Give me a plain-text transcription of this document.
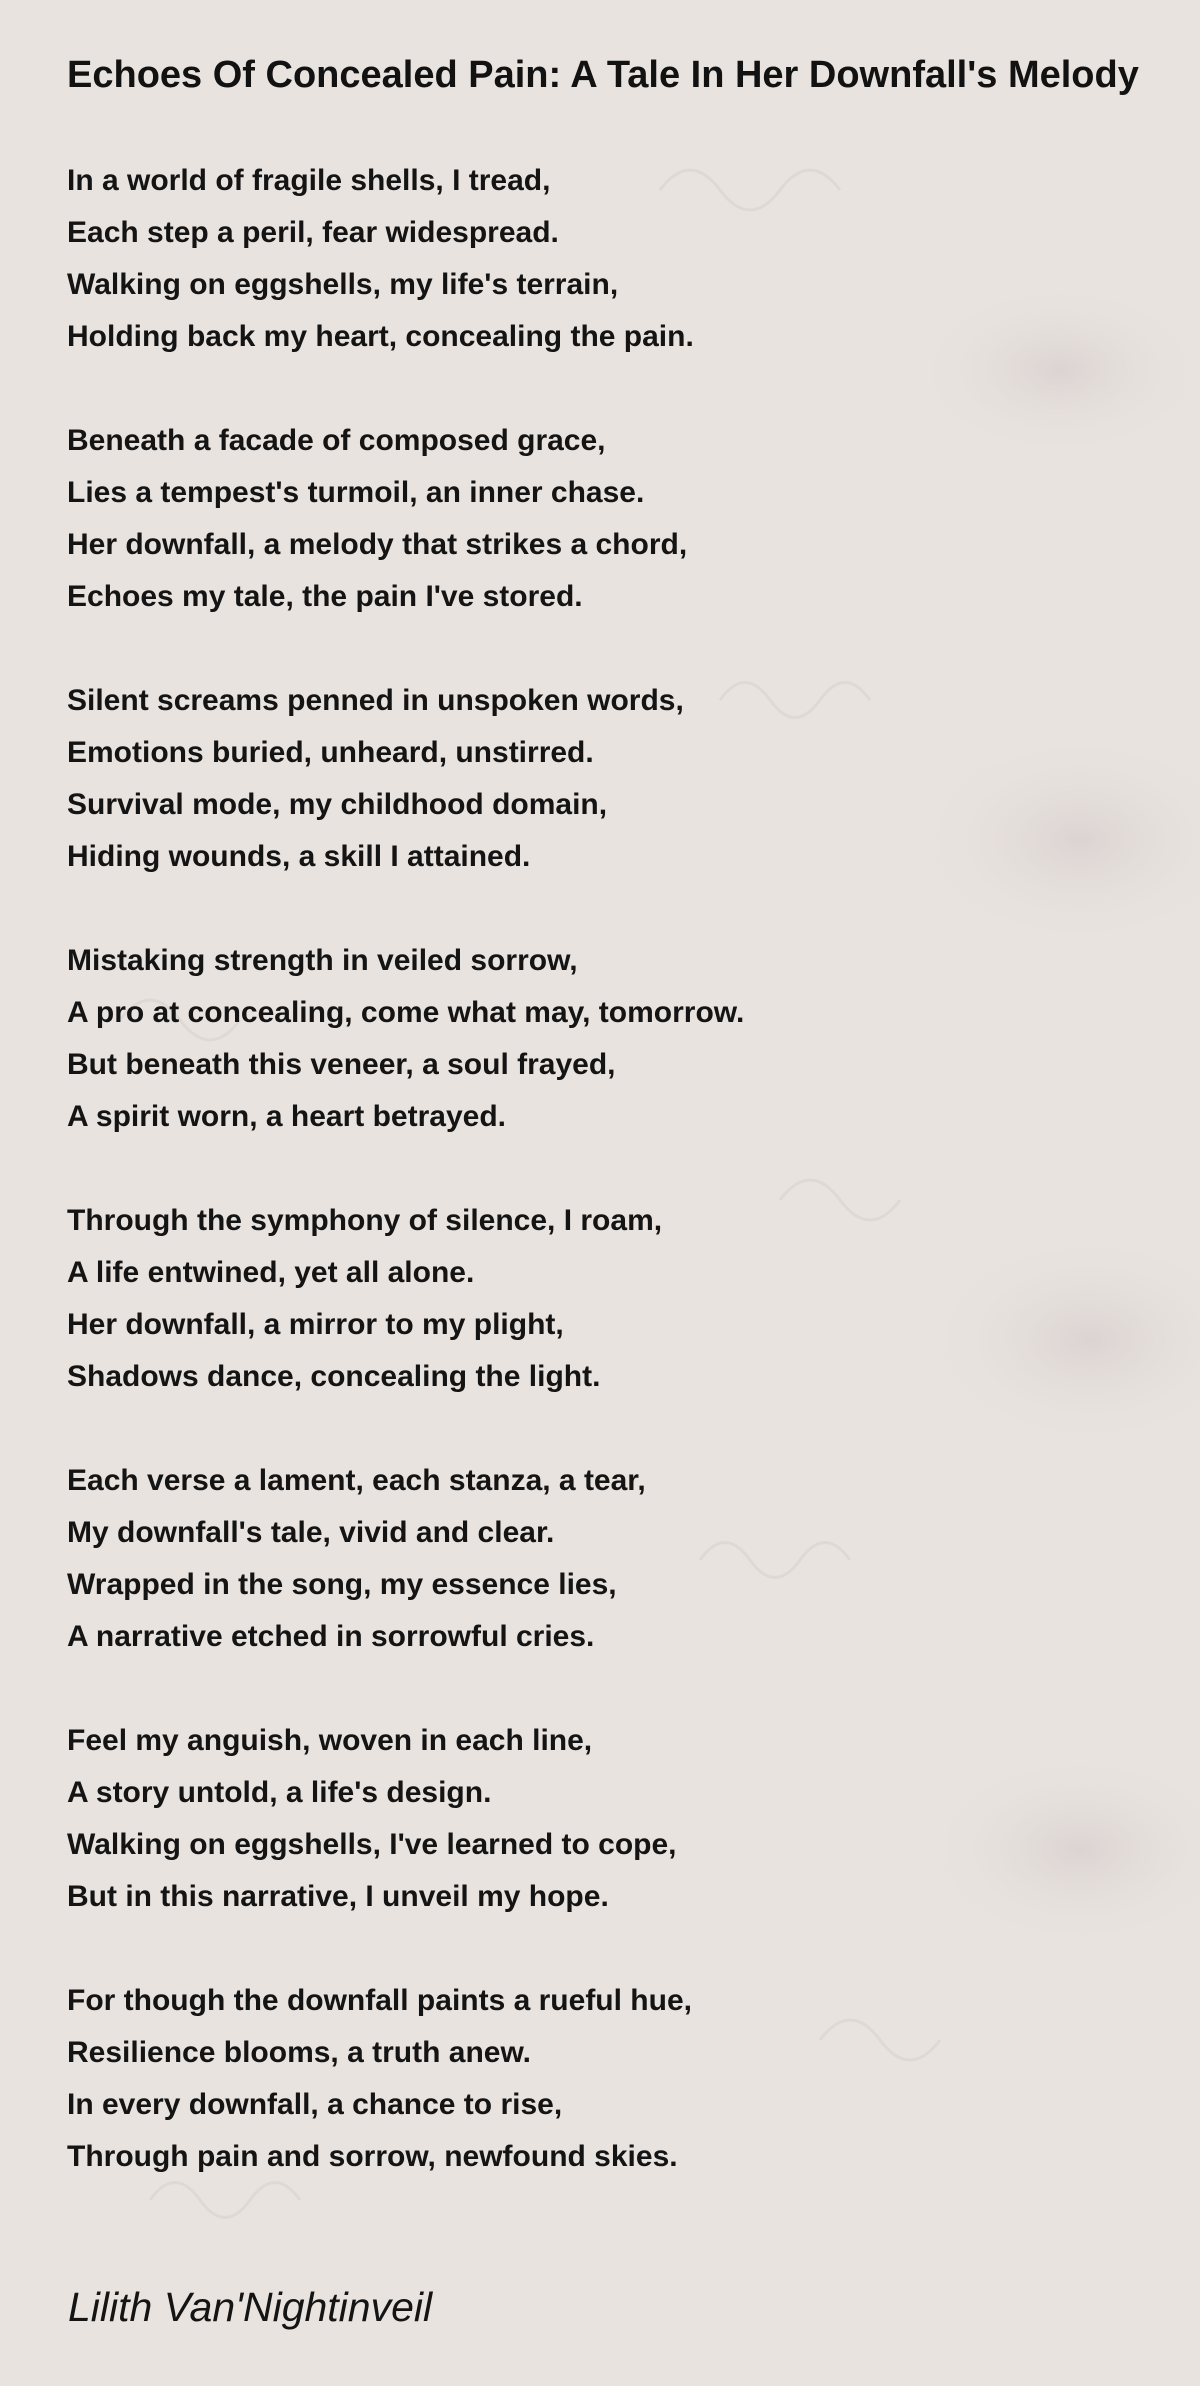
Echoes Of Concealed Pain: A Tale In Her Downfall's Melody
In a world of fragile shells, I tread,
Each step a peril, fear widespread.
Walking on eggshells, my life's terrain,
Holding back my heart, concealing the pain.
Beneath a facade of composed grace,
Lies a tempest's turmoil, an inner chase.
Her downfall, a melody that strikes a chord,
Echoes my tale, the pain I've stored.
Silent screams penned in unspoken words,
Emotions buried, unheard, unstirred.
Survival mode, my childhood domain,
Hiding wounds, a skill I attained.
Mistaking strength in veiled sorrow,
A pro at concealing, come what may, tomorrow.
But beneath this veneer, a soul frayed,
A spirit worn, a heart betrayed.
Through the symphony of silence, I roam,
A life entwined, yet all alone.
Her downfall, a mirror to my plight,
Shadows dance, concealing the light.
Each verse a lament, each stanza, a tear,
My downfall's tale, vivid and clear.
Wrapped in the song, my essence lies,
A narrative etched in sorrowful cries.
Feel my anguish, woven in each line,
A story untold, a life's design.
Walking on eggshells, I've learned to cope,
But in this narrative, I unveil my hope.
For though the downfall paints a rueful hue,
Resilience blooms, a truth anew.
In every downfall, a chance to rise,
Through pain and sorrow, newfound skies.

Lilith Van'Nightinveil
